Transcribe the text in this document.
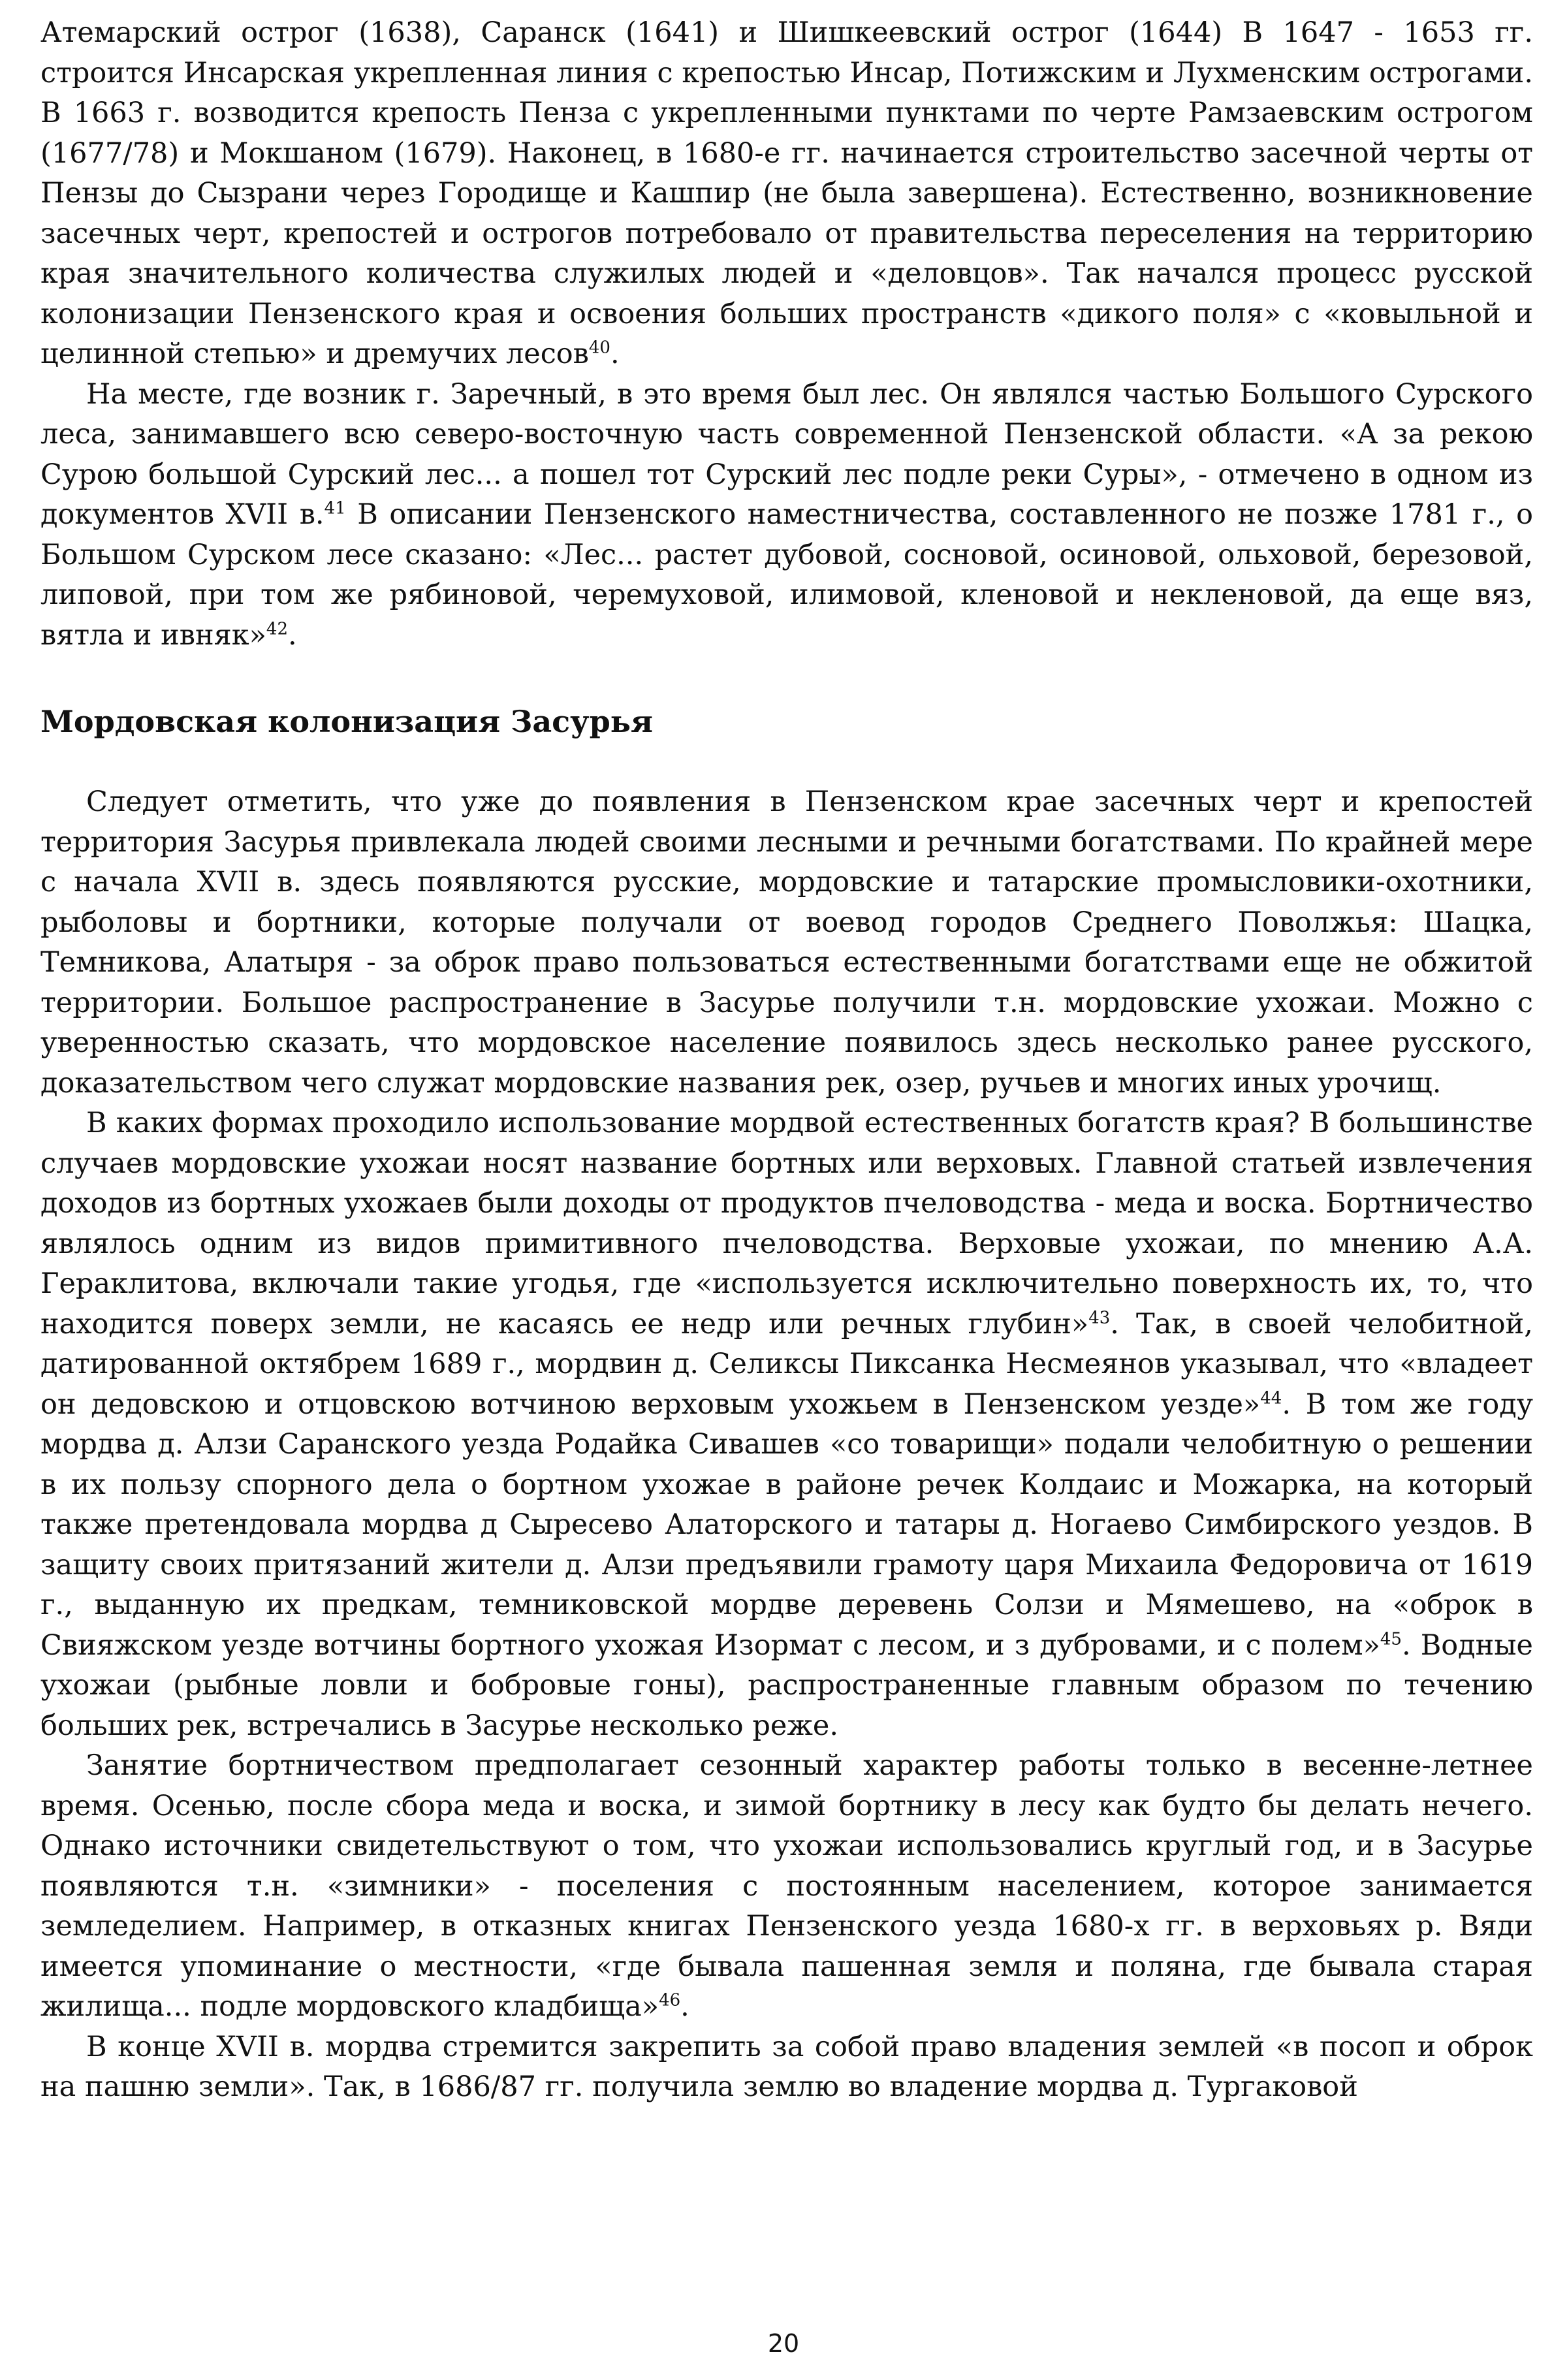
Атемарский острог (1638), Саранск (1641) и Шишкеевский острог (1644) В 1647 - 1653 гг. строится Инсарская укрепленная линия с крепостью Инсар, Потижским и Лухменским острогами. В 1663 г. возводится крепость Пенза с укрепленными пунктами по черте Рамзаевским острогом (1677/78) и Мокшаном (1679). Наконец, в 1680-е гг. начинается строительство засечной черты от Пензы до Сызрани через Городище и Кашпир (не была завершена). Естественно, возникновение засечных черт, крепостей и острогов потребовало от правительства переселения на территорию края значительного количества служилых людей и «деловцов». Так начался процесс русской колонизации Пензенского края и освоения больших пространств «дикого поля» с «ковыльной и целинной степью» и дремучих лесов$^{40}$.

На месте, где возник г. Заречный, в это время был лес. Он являлся частью Большого Сурского леса, занимавшего всю северо-восточную часть современной Пензенской области. «А за рекою Сурою большой Сурский лес... а пошел тот Сурский лес подле реки Суры», - отмечено в одном из документов XVII в.$^{41}$ В описании Пензенского наместничества, составленного не позже 1781 г., о Большом Сурском лесе сказано: «Лес... растет дубовой, сосновой, осиновой, ольховой, березовой, липовой, при том же рябиновой, черемуховой, илимовой, кленовой и некленовой, да еще вяз, вятла и ивняк»$^{42}$.

Мордовская колонизация Засурья

Следует отметить, что уже до появления в Пензенском крае засечных черт и крепостей территория Засурья привлекала людей своими лесными и речными богатствами. По крайней мере с начала XVII в. здесь появляются русские, мордовские и татарские промысловики-охотники, рыболовы и бортники, которые получали от воевод городов Среднего Поволжья: Шацка, Темникова, Алатыря - за оброк право пользоваться естественными богатствами еще не обжитой территории. Большое распространение в Засурье получили т.н. мордовские ухожаи. Можно с уверенностью сказать, что мордовское население появилось здесь несколько ранее русского, доказательством чего служат мордовские названия рек, озер, ручьев и многих иных урочищ.

В каких формах проходило использование мордвой естественных богатств края? В большинстве случаев мордовские ухожаи носят название бортных или верховых. Главной статьей извлечения доходов из бортных ухожаев были доходы от продуктов пчеловодства - меда и воска. Бортничество являлось одним из видов примитивного пчеловодства. Верховые ухожаи, по мнению А.А. Гераклитова, включали такие угодья, где «используется исключительно поверхность их, то, что находится поверх земли, не касаясь ее недр или речных глубин»$^{43}$. Так, в своей челобитной, датированной октябрем 1689 г., мордвин д. Селиксы Пиксанка Несмеянов указывал, что «владеет он дедовскою и отцовскою вотчиною верховым ухожьем в Пензенском уезде»$^{44}$. В том же году мордва д. Алзи Саранского уезда Родайка Сивашев «со товарищи» подали челобитную о решении в их пользу спорного дела о бортном ухожае в районе речек Колдаис и Можарка, на который также претендовала мордва д Сыресево Алаторского и татары д. Ногаево Симбирского уездов. В защиту своих притязаний жители д. Алзи предъявили грамоту царя Михаила Федоровича от 1619 г., выданную их предкам, темниковской мордве деревень Солзи и Мямешево, на «оброк в Свияжском уезде вотчины бортного ухожая Изормат с лесом, и з дубровами, и с полем»$^{45}$. Водные ухожаи (рыбные ловли и бобровые гоны), распространенные главным образом по течению больших рек, встречались в Засурье несколько реже.

Занятие бортничеством предполагает сезонный характер работы только в весенне-летнее время. Осенью, после сбора меда и воска, и зимой бортнику в лесу как будто бы делать нечего. Однако источники свидетельствуют о том, что ухожаи использовались круглый год, и в Засурье появляются т.н. «зимники» - поселения с постоянным населением, которое занимается земледелием. Например, в отказных книгах Пензенского уезда 1680-х гг. в верховьях р. Вяди имеется упоминание о местности, «где бывала пашенная земля и поляна, где бывала старая жилища... подле мордовского кладбища»$^{46}$.

В конце XVII в. мордва стремится закрепить за собой право владения землей «в посоп и оброк на пашню земли». Так, в 1686/87 гг. получила землю во владение мордва д. Тургаковой

20
